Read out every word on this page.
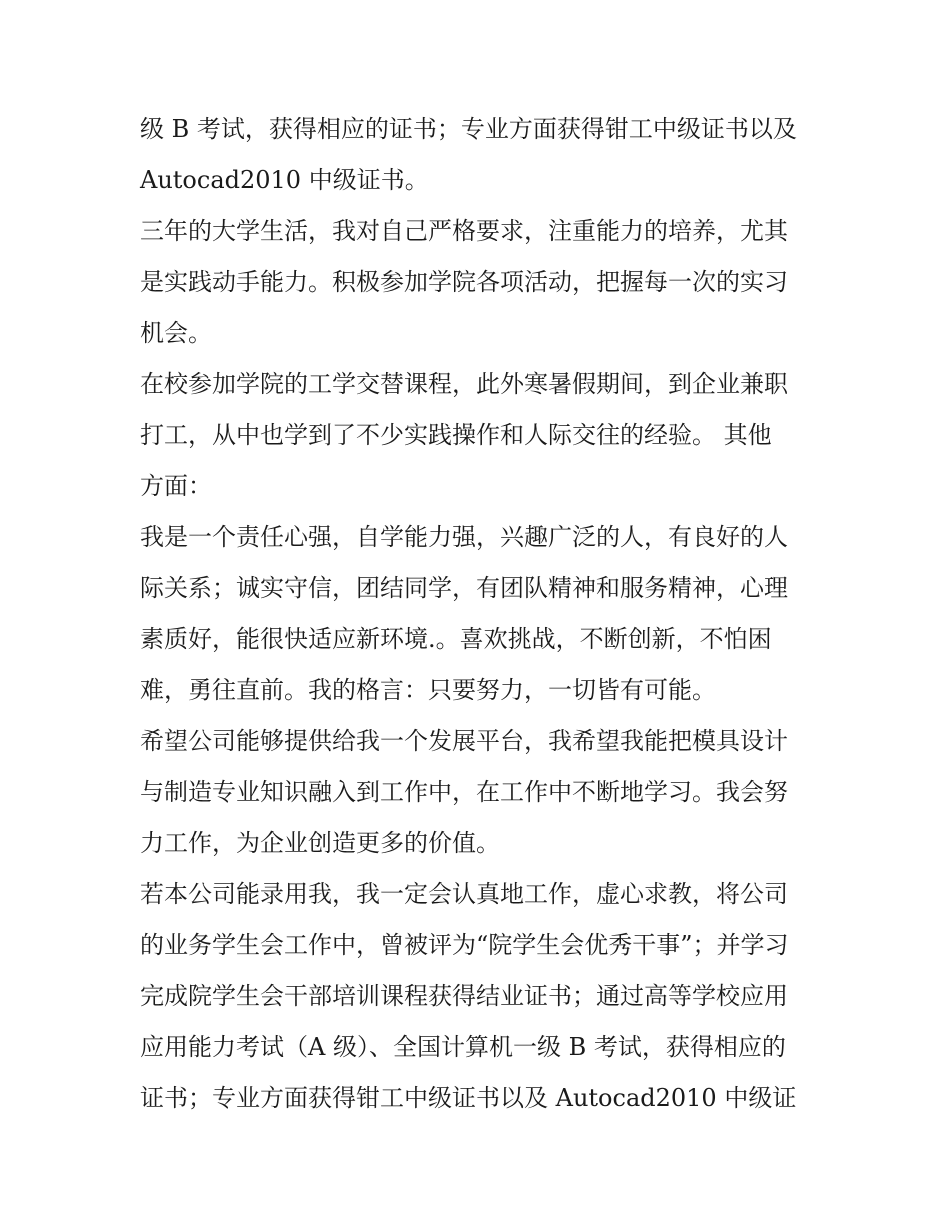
级 B 考试，获得相应的证书；专业方面获得钳工中级证书以及
Autocad2010 中级证书。

三年的大学生活，我对自己严格要求，注重能力的培养，尤其
是实践动手能力。积极参加学院各项活动，把握每一次的实习
机会。

在校参加学院的工学交替课程，此外寒暑假期间，到企业兼职
打工，从中也学到了不少实践操作和人际交往的经验。 其他
方面：

我是一个责任心强，自学能力强，兴趣广泛的人，有良好的人
际关系；诚实守信，团结同学，有团队精神和服务精神，心理
素质好，能很快适应新环境.。喜欢挑战，不断创新，不怕困
难，勇往直前。我的格言：只要努力，一切皆有可能。

希望公司能够提供给我一个发展平台，我希望我能把模具设计
与制造专业知识融入到工作中，在工作中不断地学习。我会努
力工作，为企业创造更多的价值。

若本公司能录用我，我一定会认真地工作，虚心求教，将公司
的业务学生会工作中，曾被评为“院学生会优秀干事”；并学习
完成院学生会干部培训课程获得结业证书；通过高等学校应用
应用能力考试（A 级）、全国计算机一级 B 考试，获得相应的
证书；专业方面获得钳工中级证书以及 Autocad2010 中级证
